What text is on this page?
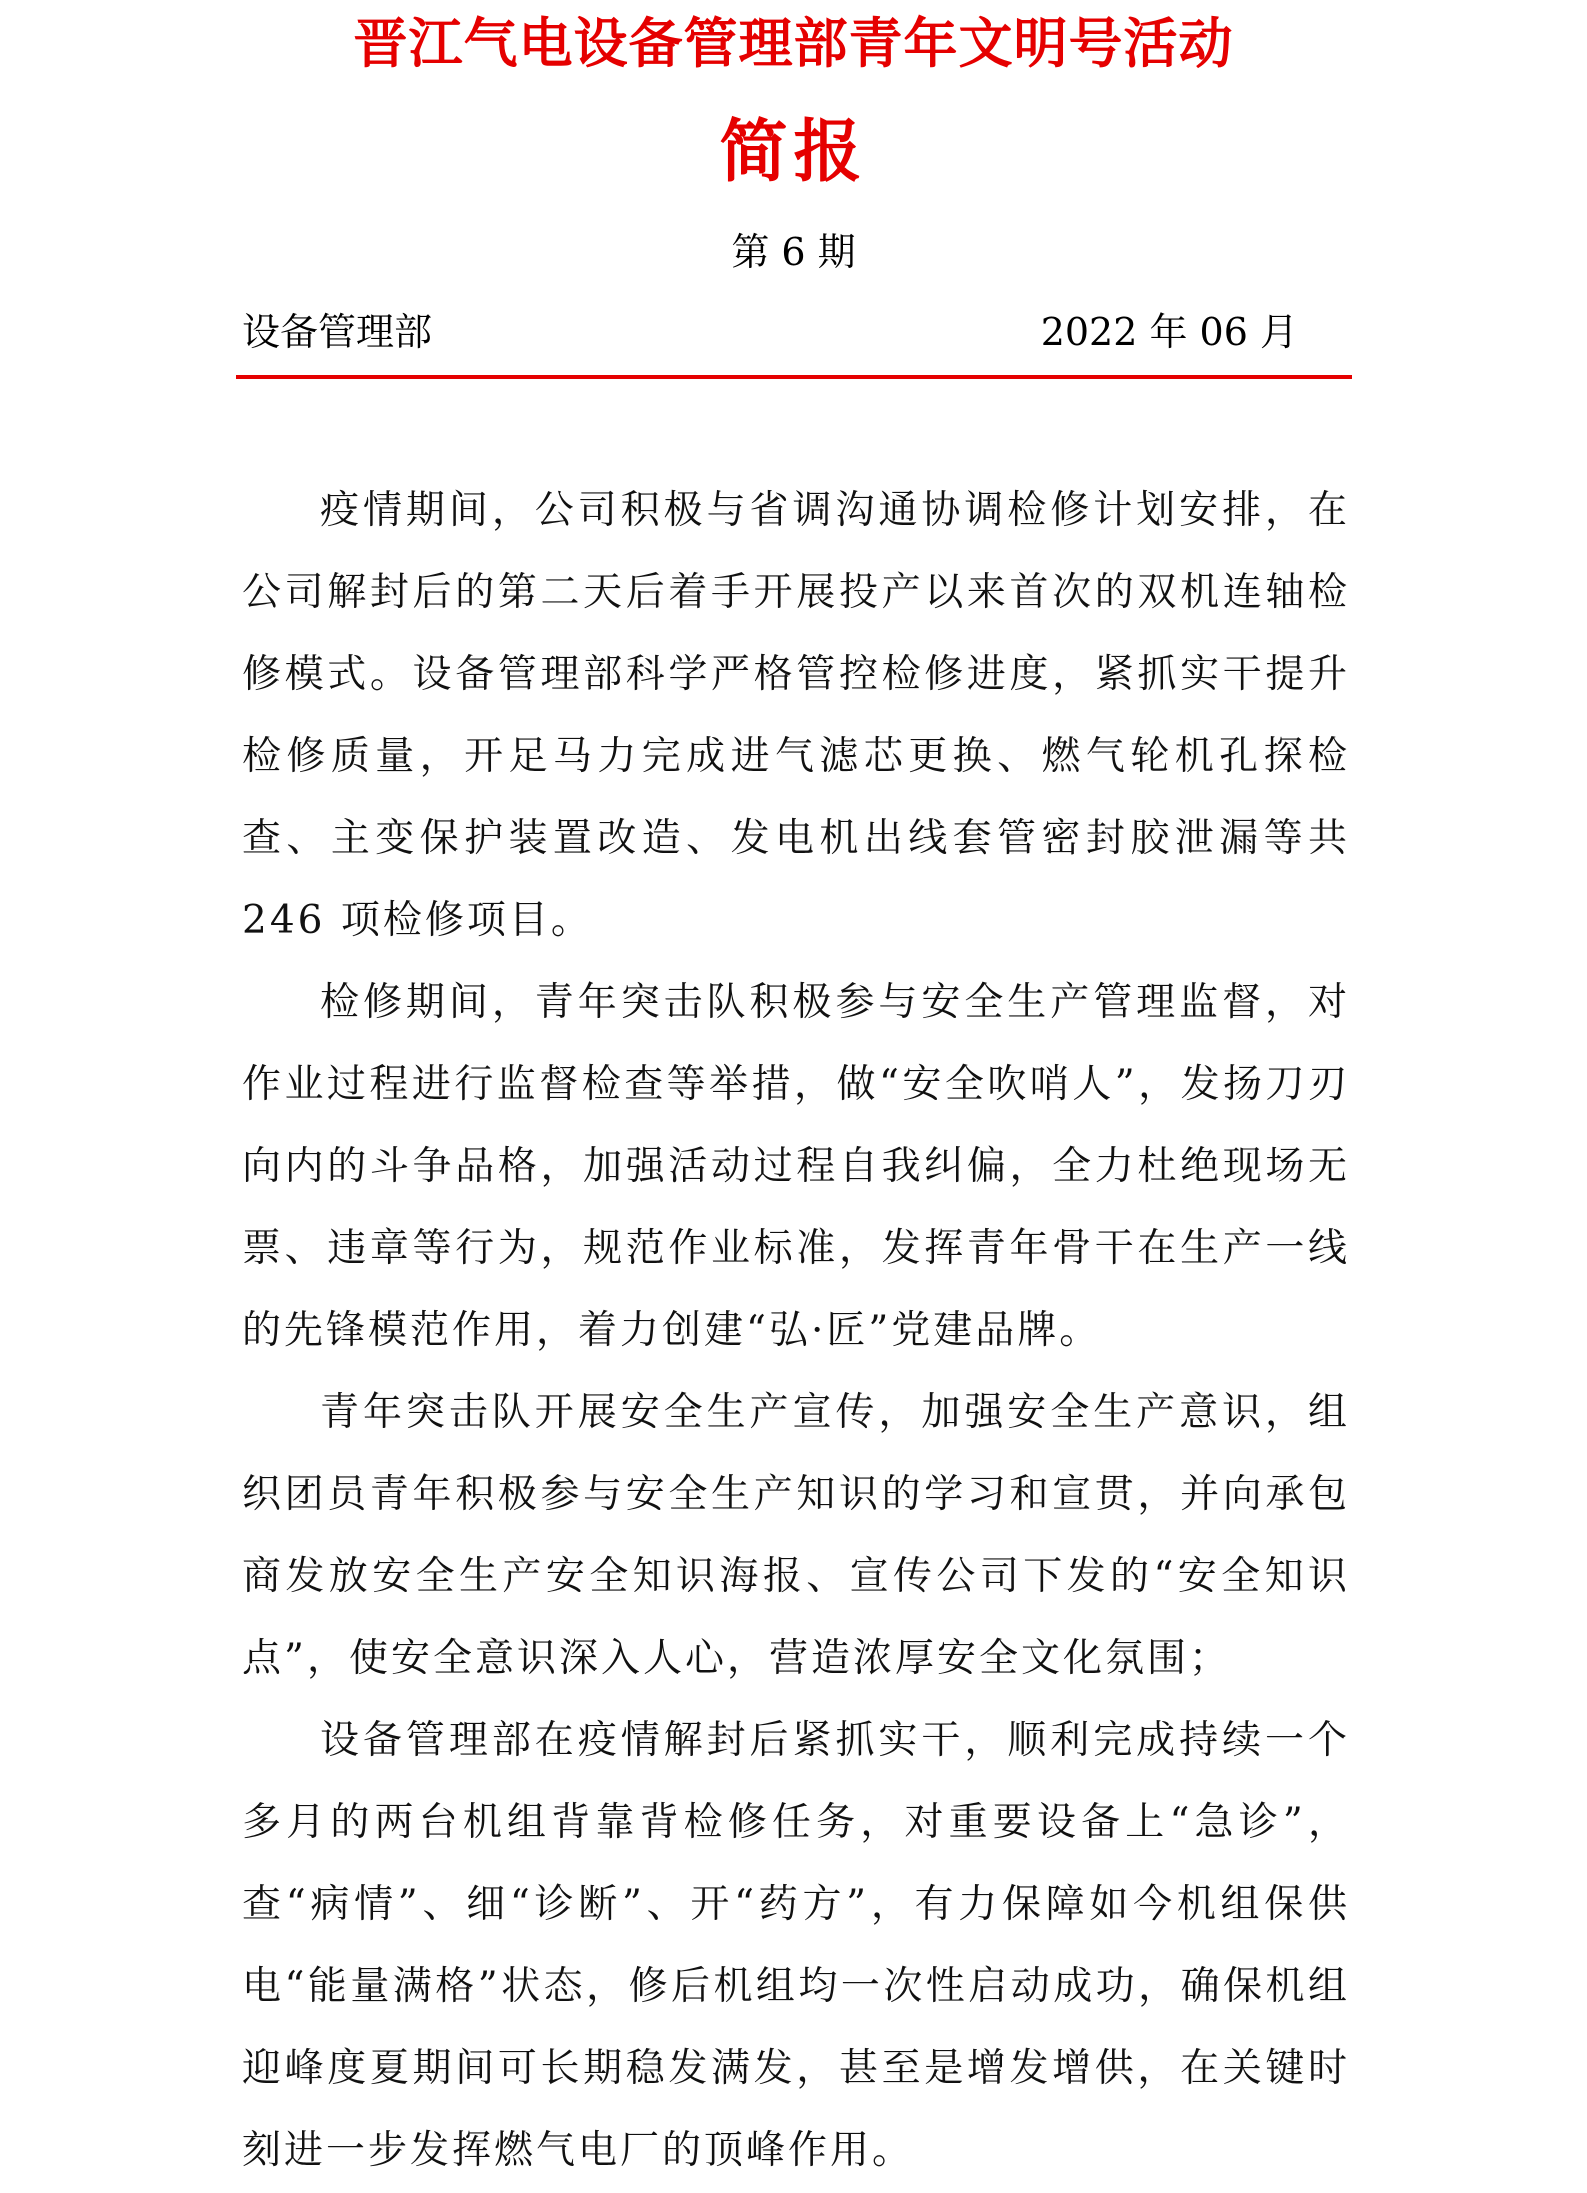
晋江气电设备管理部青年文明号活动
简报
第 6 期
设备管理部	2022 年 06 月

疫情期间，公司积极与省调沟通协调检修计划安排，在公司解封后的第二天后着手开展投产以来首次的双机连轴检修模式。设备管理部科学严格管控检修进度，紧抓实干提升检修质量，开足马力完成进气滤芯更换、燃气轮机孔探检查、主变保护装置改造、发电机出线套管密封胶泄漏等共 246 项检修项目。

检修期间，青年突击队积极参与安全生产管理监督，对作业过程进行监督检查等举措，做“安全吹哨人”，发扬刀刃向内的斗争品格，加强活动过程自我纠偏，全力杜绝现场无票、违章等行为，规范作业标准，发挥青年骨干在生产一线的先锋模范作用，着力创建“弘·匠”党建品牌。

青年突击队开展安全生产宣传，加强安全生产意识，组织团员青年积极参与安全生产知识的学习和宣贯，并向承包商发放安全生产安全知识海报、宣传公司下发的“安全知识点”，使安全意识深入人心，营造浓厚安全文化氛围；

设备管理部在疫情解封后紧抓实干，顺利完成持续一个多月的两台机组背靠背检修任务，对重要设备上“急诊”，查“病情”、细“诊断”、开“药方”，有力保障如今机组保供电“能量满格”状态，修后机组均一次性启动成功，确保机组迎峰度夏期间可长期稳发满发，甚至是增发增供，在关键时刻进一步发挥燃气电厂的顶峰作用。
